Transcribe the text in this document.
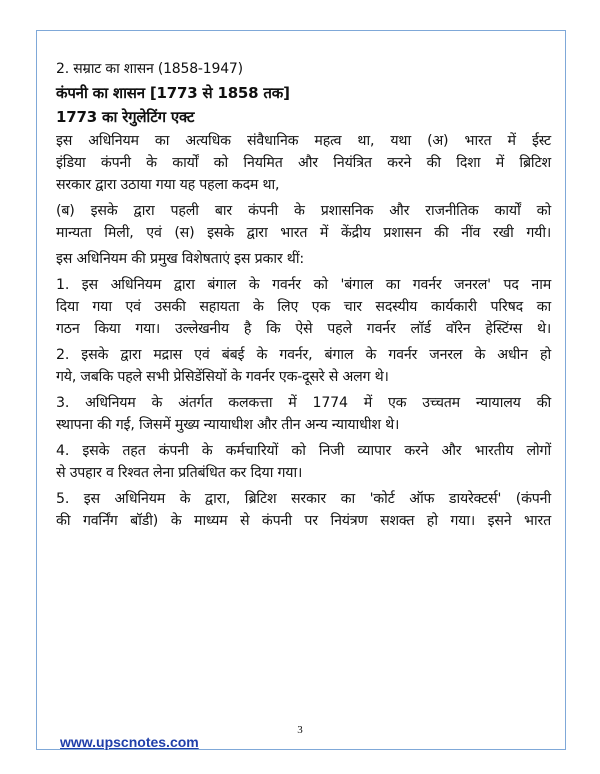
2. सम्राट का शासन (1858-1947)
कंपनी का शासन [1773 से 1858 तक]
1773 का रेगुलेटिंग एक्ट
इस अधिनियम का अत्यधिक संवैधानिक महत्व था, यथा (अ) भारत में ईस्ट
इंडिया कंपनी के कार्यों को नियमित और नियंत्रित करने की दिशा में ब्रिटिश
सरकार द्वारा उठाया गया यह पहला कदम था,
(ब) इसके द्वारा पहली बार कंपनी के प्रशासनिक और राजनीतिक कार्यों को
मान्यता मिली, एवं (स) इसके द्वारा भारत में केंद्रीय प्रशासन की नींव रखी गयी।
इस अधिनियम की प्रमुख विशेषताएं इस प्रकार थीं:
1. इस अधिनियम द्वारा बंगाल के गवर्नर को 'बंगाल का गवर्नर जनरल' पद नाम
दिया गया एवं उसकी सहायता के लिए एक चार सदस्यीय कार्यकारी परिषद का
गठन किया गया। उल्लेखनीय है कि ऐसे पहले गवर्नर लॉर्ड वॉरेन हेस्टिंग्स थे।
2. इसके द्वारा मद्रास एवं बंबई के गवर्नर, बंगाल के गवर्नर जनरल के अधीन हो
गये, जबकि पहले सभी प्रेसिडेंसियों के गवर्नर एक-दूसरे से अलग थे।
3. अधिनियम के अंतर्गत कलकत्ता में 1774 में एक उच्चतम न्यायालय की
स्थापना की गई, जिसमें मुख्य न्यायाधीश और तीन अन्य न्यायाधीश थे।
4. इसके तहत कंपनी के कर्मचारियों को निजी व्यापार करने और भारतीय लोगों
से उपहार व रिश्वत लेना प्रतिबंधित कर दिया गया।
5. इस अधिनियम के द्वारा, ब्रिटिश सरकार का 'कोर्ट ऑफ डायरेक्टर्स' (कंपनी
की गवर्निंग बॉडी) के माध्यम से कंपनी पर नियंत्रण सशक्त हो गया। इसने भारत
3
www.upscnotes.com
